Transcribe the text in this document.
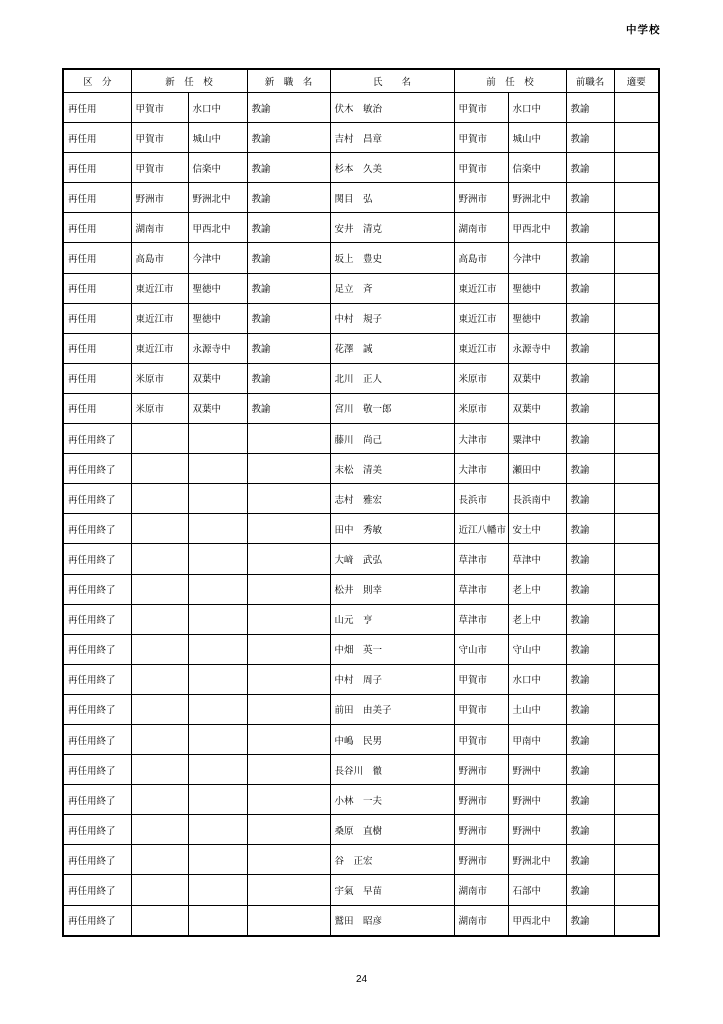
中学校
区　分	新　任　校		新　職　名	氏　　名	前　任　校		前職名	適要
再任用	甲賀市	水口中	教諭	伏木　敏治	甲賀市	水口中	教諭	
再任用	甲賀市	城山中	教諭	吉村　昌章	甲賀市	城山中	教諭	
再任用	甲賀市	信楽中	教諭	杉本　久美	甲賀市	信楽中	教諭	
再任用	野洲市	野洲北中	教諭	関目　弘	野洲市	野洲北中	教諭	
再任用	湖南市	甲西北中	教諭	安井　清克	湖南市	甲西北中	教諭	
再任用	高島市	今津中	教諭	坂上　豊史	高島市	今津中	教諭	
再任用	東近江市	聖徳中	教諭	足立　斉	東近江市	聖徳中	教諭	
再任用	東近江市	聖徳中	教諭	中村　規子	東近江市	聖徳中	教諭	
再任用	東近江市	永源寺中	教諭	花澤　誠	東近江市	永源寺中	教諭	
再任用	米原市	双葉中	教諭	北川　正人	米原市	双葉中	教諭	
再任用	米原市	双葉中	教諭	宮川　敬一郎	米原市	双葉中	教諭	
再任用終了				藤川　尚己	大津市	粟津中	教諭	
再任用終了				末松　清美	大津市	瀬田中	教諭	
再任用終了				志村　雅宏	長浜市	長浜南中	教諭	
再任用終了				田中　秀敏	近江八幡市	安土中	教諭	
再任用終了				大﨑　武弘	草津市	草津中	教諭	
再任用終了				松井　則幸	草津市	老上中	教諭	
再任用終了				山元　亨	草津市	老上中	教諭	
再任用終了				中畑　英一	守山市	守山中	教諭	
再任用終了				中村　周子	甲賀市	水口中	教諭	
再任用終了				前田　由美子	甲賀市	土山中	教諭	
再任用終了				中嶋　民男	甲賀市	甲南中	教諭	
再任用終了				長谷川　徹	野洲市	野洲中	教諭	
再任用終了				小林　一夫	野洲市	野洲中	教諭	
再任用終了				桑原　直樹	野洲市	野洲中	教諭	
再任用終了				谷　正宏	野洲市	野洲北中	教諭	
再任用終了				宇氣　早苗	湖南市	石部中	教諭	
再任用終了				鷲田　昭彦	湖南市	甲西北中	教諭	
24
